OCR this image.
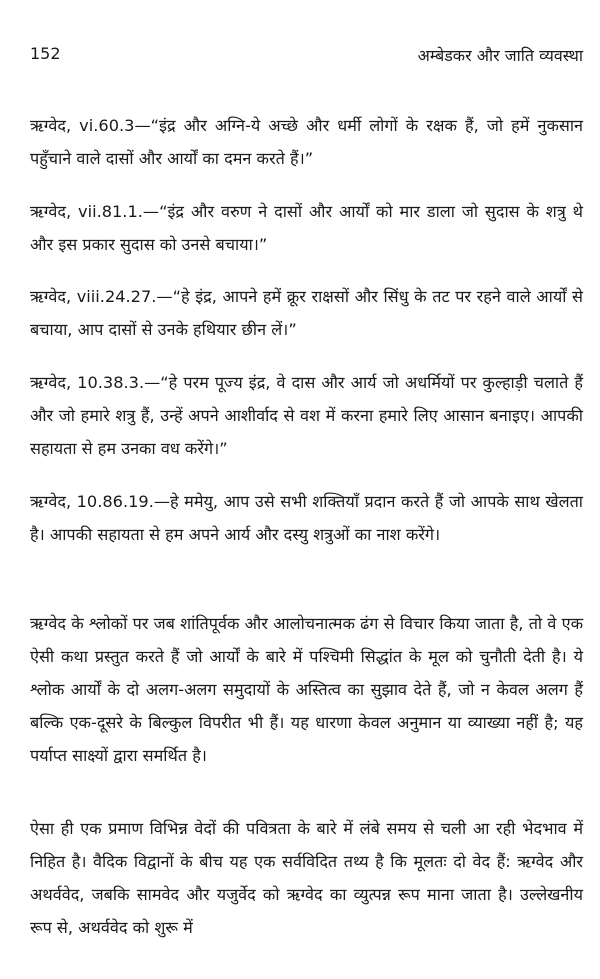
152	अम्बेडकर और जाति व्यवस्था

ऋग्वेद, vi.60.3—“इंद्र और अग्नि-ये अच्छे और धर्मी लोगों के रक्षक हैं, जो हमें नुकसान पहुँचाने वाले दासों और आर्यों का दमन करते हैं।”

ऋग्वेद, vii.81.1.—“इंद्र और वरुण ने दासों और आर्यों को मार डाला जो सुदास के शत्रु थे और इस प्रकार सुदास को उनसे बचाया।”

ऋग्वेद, viii.24.27.—“हे इंद्र, आपने हमें क्रूर राक्षसों और सिंधु के तट पर रहने वाले आर्यों से बचाया, आप दासों से उनके हथियार छीन लें।”

ऋग्वेद, 10.38.3.—“हे परम पूज्य इंद्र, वे दास और आर्य जो अधर्मियों पर कुल्हाड़ी चलाते हैं और जो हमारे शत्रु हैं, उन्हें अपने आशीर्वाद से वश में करना हमारे लिए आसान बनाइए। आपकी सहायता से हम उनका वध करेंगे।”

ऋग्वेद, 10.86.19.—हे ममेयु, आप उसे सभी शक्तियाँ प्रदान करते हैं जो आपके साथ खेलता है। आपकी सहायता से हम अपने आर्य और दस्यु शत्रुओं का नाश करेंगे।

ऋग्वेद के श्लोकों पर जब शांतिपूर्वक और आलोचनात्मक ढंग से विचार किया जाता है, तो वे एक ऐसी कथा प्रस्तुत करते हैं जो आर्यों के बारे में पश्चिमी सिद्धांत के मूल को चुनौती देती है। ये श्लोक आर्यों के दो अलग-अलग समुदायों के अस्तित्व का सुझाव देते हैं, जो न केवल अलग हैं बल्कि एक-दूसरे के बिल्कुल विपरीत भी हैं। यह धारणा केवल अनुमान या व्याख्या नहीं है; यह पर्याप्त साक्ष्यों द्वारा समर्थित है।

ऐसा ही एक प्रमाण विभिन्न वेदों की पवित्रता के बारे में लंबे समय से चली आ रही भेदभाव में निहित है। वैदिक विद्वानों के बीच यह एक सर्वविदित तथ्य है कि मूलतः दो वेद हैं: ऋग्वेद और अथर्ववेद, जबकि सामवेद और यजुर्वेद को ऋग्वेद का व्युत्पन्न रूप माना जाता है। उल्लेखनीय रूप से, अथर्ववेद को शुरू में
